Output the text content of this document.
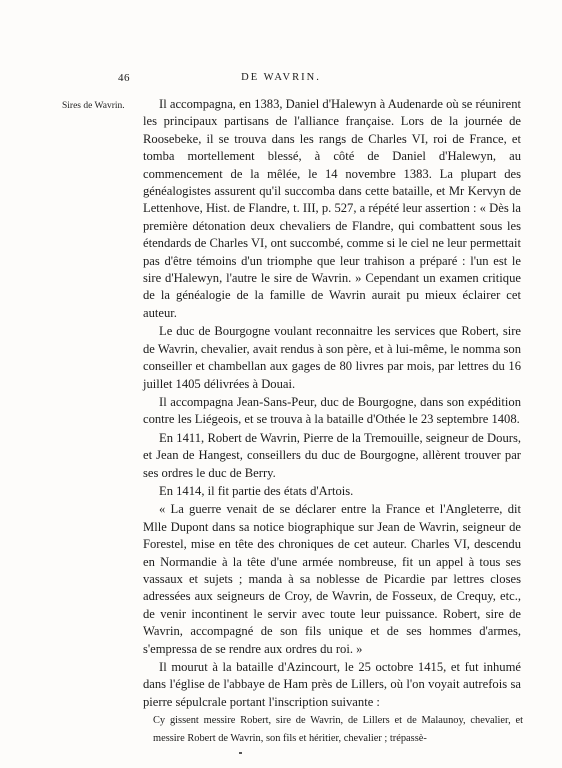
46	DE WAVRIN.
Sires de Wavrin.	Il accompagna, en 1383, Daniel d'Halewyn à Audenarde où se réunirent les principaux partisans de l'alliance française. Lors de la journée de Roosebeke, il se trouva dans les rangs de Charles VI, roi de France, et tomba mortellement blessé, à côté de Daniel d'Halewyn, au commencement de la mêlée, le 14 novembre 1383. La plupart des généalogistes assurent qu'il succomba dans cette bataille, et Mr Kervyn de Lettenhove, Hist. de Flandre, t. III, p. 527, a répété leur assertion : « Dès la première détonation deux chevaliers de Flandre, qui combattent sous les étendards de Charles VI, ont succombé, comme si le ciel ne leur permettait pas d'être témoins d'un triomphe que leur trahison a préparé : l'un est le sire d'Halewyn, l'autre le sire de Wavrin. » Cependant un examen critique de la généalogie de la famille de Wavrin aurait pu mieux éclairer cet auteur.

Le duc de Bourgogne voulant reconnaitre les services que Robert, sire de Wavrin, chevalier, avait rendus à son père, et à lui-même, le nomma son conseiller et chambellan aux gages de 80 livres par mois, par lettres du 16 juillet 1405 délivrées à Douai.

Il accompagna Jean-Sans-Peur, duc de Bourgogne, dans son expédition contre les Liégeois, et se trouva à la bataille d'Othée le 23 septembre 1408.

En 1411, Robert de Wavrin, Pierre de la Tremouille, seigneur de Dours, et Jean de Hangest, conseillers du duc de Bourgogne, allèrent trouver par ses ordres le duc de Berry.

En 1414, il fit partie des états d'Artois.

« La guerre venait de se déclarer entre la France et l'Angleterre, dit Mlle Dupont dans sa notice biographique sur Jean de Wavrin, seigneur de Forestel, mise en tête des chroniques de cet auteur. Charles VI, descendu en Normandie à la tête d'une armée nombreuse, fit un appel à tous ses vassaux et sujets ; manda à sa noblesse de Picardie par lettres closes adressées aux seigneurs de Croy, de Wavrin, de Fosseux, de Crequy, etc., de venir incontinent le servir avec toute leur puissance. Robert, sire de Wavrin, accompagné de son fils unique et de ses hommes d'armes, s'empressa de se rendre aux ordres du roi. »

Il mourut à la bataille d'Azincourt, le 25 octobre 1415, et fut inhumé dans l'église de l'abbaye de Ham près de Lillers, où l'on voyait autrefois sa pierre sépulcrale portant l'inscription suivante :

Cy gissent messire Robert, sire de Wavrin, de Lillers et de Malaunoy, chevalier, et messire Robert de Wavrin, son fils et héritier, chevalier ; trépassè-
